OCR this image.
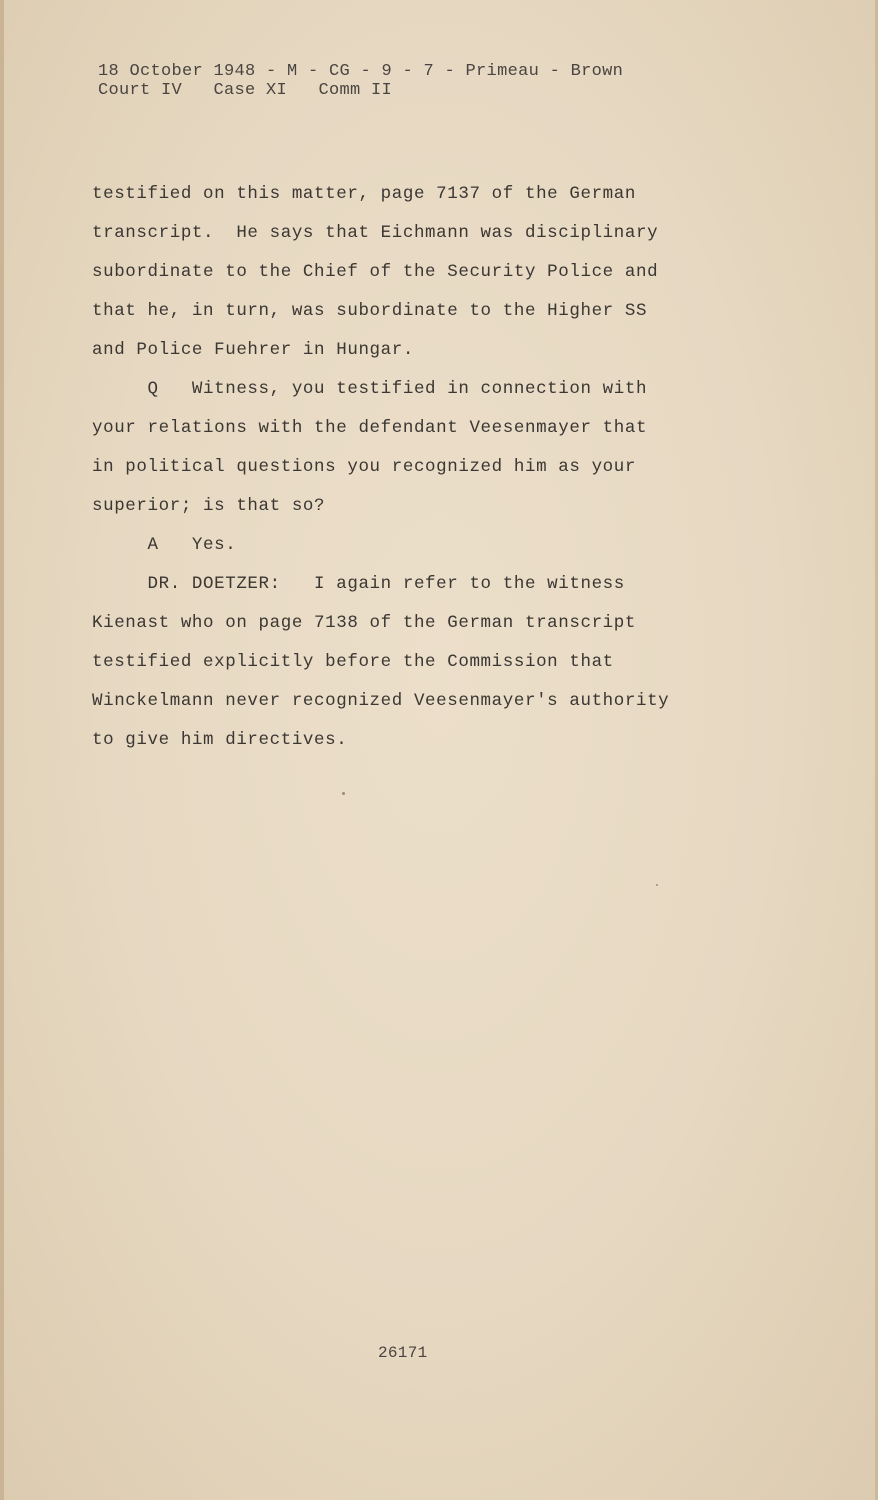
18 October 1948 - M - CG - 9 - 7 - Primeau - Brown
Court IV   Case XI   Comm II
testified on this matter, page 7137 of the German
transcript.  He says that Eichmann was disciplinary
subordinate to the Chief of the Security Police and
that he, in turn, was subordinate to the Higher SS
and Police Fuehrer in Hungar.
Q   Witness, you testified in connection with
your relations with the defendant Veesenmayer that
in political questions you recognized him as your
superior; is that so?
A   Yes.
DR. DOETZER:   I again refer to the witness
Kienast who on page 7138 of the German transcript
testified explicitly before the Commission that
Winckelmann never recognized Veesenmayer's authority
to give him directives.
26171
